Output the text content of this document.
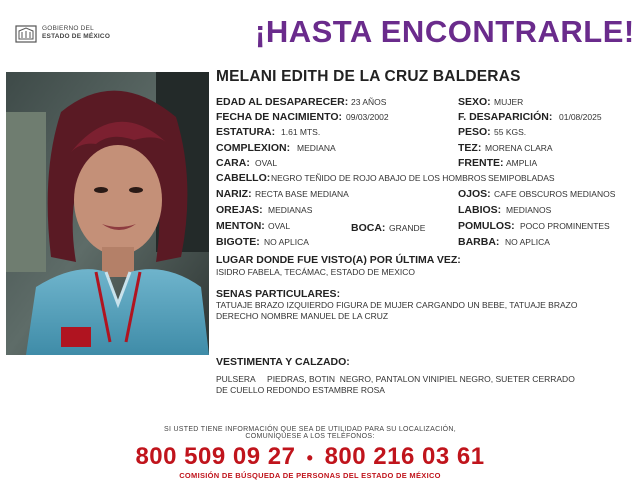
GOBIERNO DEL
ESTADO DE MÉXICO	¡HASTA ENCONTRARLE!
MELANI EDITH DE LA CRUZ BALDERAS
EDAD AL DESAPARECER: 23 AÑOS	SEXO: MUJER
FECHA DE NACIMIENTO: 09/03/2002	F. DESAPARICIÓN: 01/08/2025
ESTATURA: 1.61 MTS.	PESO: 55 KGS.
COMPLEXION: MEDIANA	TEZ: MORENA CLARA
CARA: OVAL	FRENTE: AMPLIA
CABELLO: NEGRO TEÑIDO DE ROJO ABAJO DE LOS HOMBROS SEMIPOBLADAS
NARIZ: RECTA BASE MEDIANA	OJOS: CAFE OBSCUROS MEDIANOS
OREJAS: MEDIANAS	LABIOS: MEDIANOS
MENTON: OVAL	BOCA: GRANDE	POMULOS: POCO PROMINENTES
BIGOTE: NO APLICA	BARBA: NO APLICA
LUGAR DONDE FUE VISTO(A) POR ÚLTIMA VEZ:
ISIDRO FABELA, TECÁMAC, ESTADO DE MEXICO
SENAS PARTICULARES:
TATUAJE BRAZO IZQUIERDO FIGURA DE MUJER CARGANDO UN BEBE, TATUAJE BRAZO
DERECHO NOMBRE MANUEL DE LA CRUZ
VESTIMENTA Y CALZADO:
PULSERA     PIEDRAS, BOTIN  NEGRO, PANTALON VINIPIEL NEGRO, SUETER CERRADO
DE CUELLO REDONDO ESTAMBRE ROSA
SI USTED TIENE INFORMACIÓN QUE SEA DE UTILIDAD PARA SU LOCALIZACIÓN,
COMUNÍQUESE A LOS TELÉFONOS:
800 509 09 27 • 800 216 03 61
COMISIÓN DE BÚSQUEDA DE PERSONAS DEL ESTADO DE MÉXICO
